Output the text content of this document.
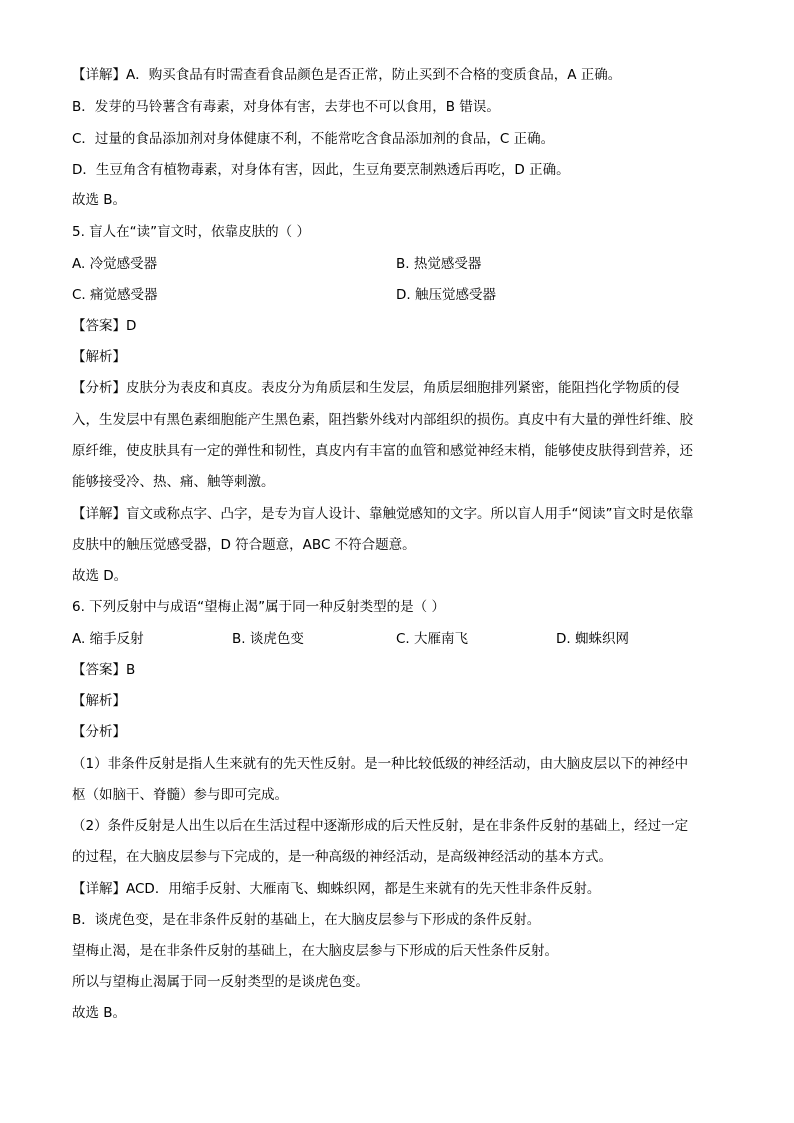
【详解】A．购买食品有时需查看食品颜色是否正常，防止买到不合格的变质食品，A 正确。
B．发芽的马铃薯含有毒素，对身体有害，去芽也不可以食用，B 错误。
C．过量的食品添加剂对身体健康不利，不能常吃含食品添加剂的食品，C 正确。
D．生豆角含有植物毒素，对身体有害，因此，生豆角要烹制熟透后再吃，D 正确。
故选 B。
5. 盲人在“读”盲文时，依靠皮肤的（ ）
A. 冷觉感受器	B. 热觉感受器
C. 痛觉感受器	D. 触压觉感受器
【答案】D
【解析】
【分析】皮肤分为表皮和真皮。表皮分为角质层和生发层，角质层细胞排列紧密，能阻挡化学物质的侵
入，生发层中有黑色素细胞能产生黑色素，阻挡紫外线对内部组织的损伤。真皮中有大量的弹性纤维、胶
原纤维，使皮肤具有一定的弹性和韧性，真皮内有丰富的血管和感觉神经末梢，能够使皮肤得到营养，还
能够接受冷、热、痛、触等刺激。
【详解】盲文或称点字、凸字，是专为盲人设计、靠触觉感知的文字。所以盲人用手“阅读”盲文时是依靠
皮肤中的触压觉感受器，D 符合题意，ABC 不符合题意。
故选 D。
6. 下列反射中与成语“望梅止渴”属于同一种反射类型的是（ ）
A. 缩手反射	B. 谈虎色变	C. 大雁南飞	D. 蜘蛛织网
【答案】B
【解析】
【分析】
（1）非条件反射是指人生来就有的先天性反射。是一种比较低级的神经活动，由大脑皮层以下的神经中
枢（如脑干、脊髓）参与即可完成。
（2）条件反射是人出生以后在生活过程中逐渐形成的后天性反射，是在非条件反射的基础上，经过一定
的过程，在大脑皮层参与下完成的，是一种高级的神经活动，是高级神经活动的基本方式。
【详解】ACD．用缩手反射、大雁南飞、蜘蛛织网，都是生来就有的先天性非条件反射。
B．谈虎色变，是在非条件反射的基础上，在大脑皮层参与下形成的条件反射。
望梅止渴，是在非条件反射的基础上，在大脑皮层参与下形成的后天性条件反射。
所以与望梅止渴属于同一反射类型的是谈虎色变。
故选 B。
